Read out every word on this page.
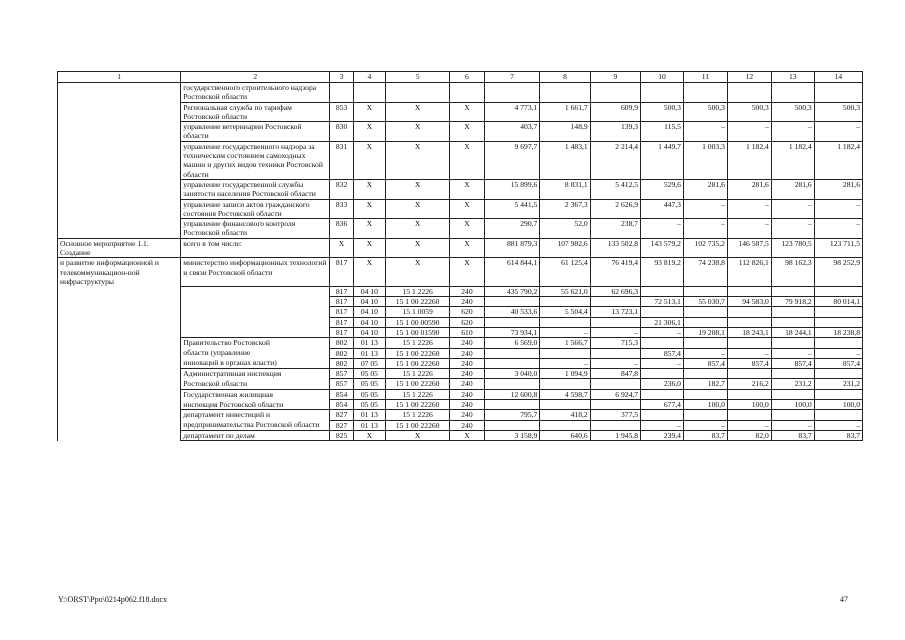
1	2	3	4	5	6	7	8	9	10	11	12	13	14
	государственного строительного надзора Ростовской области												
	Региональная служба по тарифам Ростовской области	853	Х	Х	Х	4 773,1	1 661,7	609,9	500,3	500,3	500,3	500,3	500,3
	управление ветеринарии Ростовской области	830	Х	Х	Х	403,7	148,9	139,3	115,5	–	–	–	–
	управление государственного надзора за техническим состоянием самоходных машин и других видов техники Ростовской области	831	Х	Х	Х	9 697,7	1 483,1	2 214,4	1 449,7	1 003,3	1 182,4	1 182,4	1 182,4
	управление государственной службы занятости населения Ростовской области	832	Х	Х	Х	15 899,6	8 831,1	5 412,5	529,6	281,6	281,6	281,6	281,6
	управление записи актов гражданского состояния Ростовской области	833	Х	Х	Х	5 441,5	2 367,3	2 626,9	447,3	–	–	–	–
	управление финансового контроля Ростовской области	836	Х	Х	Х	290,7	52,0	238,7	–	–	–	–	–
Основное мероприятие 1.1. Создание	всего в том числе:	Х	Х	Х	Х	881 879,3	107 982,6	133 502,8	143 579,2	102 735,2	146 587,5	123 780,5	123 711,5
и развитие информационной и телекоммуникацион-ной инфраструктуры	министерство информационных технологий и связи Ростовской области	817	Х	Х	Х	614 844,1	61 125,4	76 419,4	93 819,2	74 238,8	112 826,1	98 162,3	98 252,9
		817	04 10	15 1 2226	240	435 790,2	55 621,0	62 696,3					
		817	04 10	15 1 00 22260	240				72 513,1	55 030,7	94 583,0	79 918,2	80 014,1
		817	04 10	15 1 0059	620	40 533,6	5 504,4	13 723,1					
		817	04 10	15 1 00 00590	620				21 306,1				
		817	04 10	15 1 00 01590	610	73 934,1	–	–	–	19 208,1	18 243,1	18 244,1	18 238,8
	Правительство Ростовской	802	01 13	15 1 2226	240	6 569,0	1 566,7	715,3					
	области (управление	802	01 13	15 1 00 22260	240				857,4	–	–	–	–
	инноваций в органах власти)	802	07 05	15 1 00 22260	240		–	–	–	857,4	857,4	857,4	857,4
	Административная инспекция	857	05 05	15 1 2226	240	3 040,0	1 094,9	847,8					
	Ростовской области	857	05 05	15 1 00 22260	240				236,0	182,7	216,2	231,2	231,2
	Государственная жилищная	854	05 05	15 1 2226	240	12 600,8	4 598,7	6 924,7					
	инспекция Ростовской области	854	05 05	15 1 00 22260	240				677,4	100,0	100,0	100,0	100,0
	департамент инвестиций и	827	01 13	15 1 2226	240	795,7	418,2	377,5					
	предпринимательства Ростовской области	827	01 13	15 1 00 22260	240				–	–	–	–	–
	департамент по делам	825	Х	Х	Х	3 158,9	640,6	1 945,8	239,4	83,7	82,0	83,7	83,7
Y:\ORST\Ppo\0214p062.f18.docx	47
